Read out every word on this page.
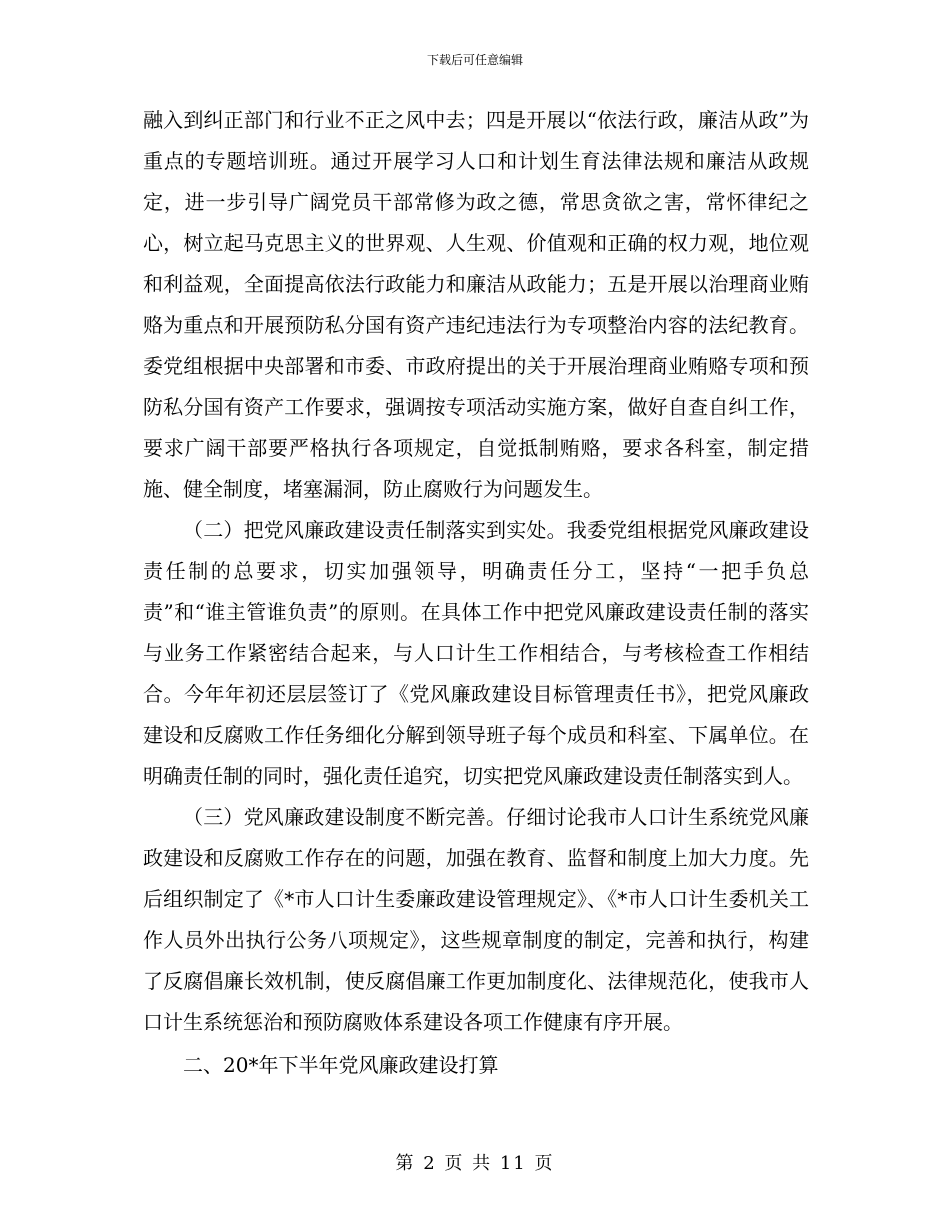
下载后可任意编辑

融入到纠正部门和行业不正之风中去；四是开展以“依法行政，廉洁从政”为重点的专题培训班。通过开展学习人口和计划生育法律法规和廉洁从政规定，进一步引导广阔党员干部常修为政之德，常思贪欲之害，常怀律纪之心，树立起马克思主义的世界观、人生观、价值观和正确的权力观，地位观和利益观，全面提高依法行政能力和廉洁从政能力；五是开展以治理商业贿赂为重点和开展预防私分国有资产违纪违法行为专项整治内容的法纪教育。委党组根据中央部署和市委、市政府提出的关于开展治理商业贿赂专项和预防私分国有资产工作要求，强调按专项活动实施方案，做好自查自纠工作，要求广阔干部要严格执行各项规定，自觉抵制贿赂，要求各科室，制定措施、健全制度，堵塞漏洞，防止腐败行为问题发生。

（二）把党风廉政建设责任制落实到实处。我委党组根据党风廉政建设责任制的总要求，切实加强领导，明确责任分工，坚持“一把手负总责”和“谁主管谁负责”的原则。在具体工作中把党风廉政建设责任制的落实与业务工作紧密结合起来，与人口计生工作相结合，与考核检查工作相结合。今年年初还层层签订了《党风廉政建设目标管理责任书》，把党风廉政建设和反腐败工作任务细化分解到领导班子每个成员和科室、下属单位。在明确责任制的同时，强化责任追究，切实把党风廉政建设责任制落实到人。

（三）党风廉政建设制度不断完善。仔细讨论我市人口计生系统党风廉政建设和反腐败工作存在的问题，加强在教育、监督和制度上加大力度。先后组织制定了《*市人口计生委廉政建设管理规定》、《*市人口计生委机关工作人员外出执行公务八项规定》，这些规章制度的制定，完善和执行，构建了反腐倡廉长效机制，使反腐倡廉工作更加制度化、法律规范化，使我市人口计生系统惩治和预防腐败体系建设各项工作健康有序开展。

二、20*年下半年党风廉政建设打算

第 2 页 共 11 页
